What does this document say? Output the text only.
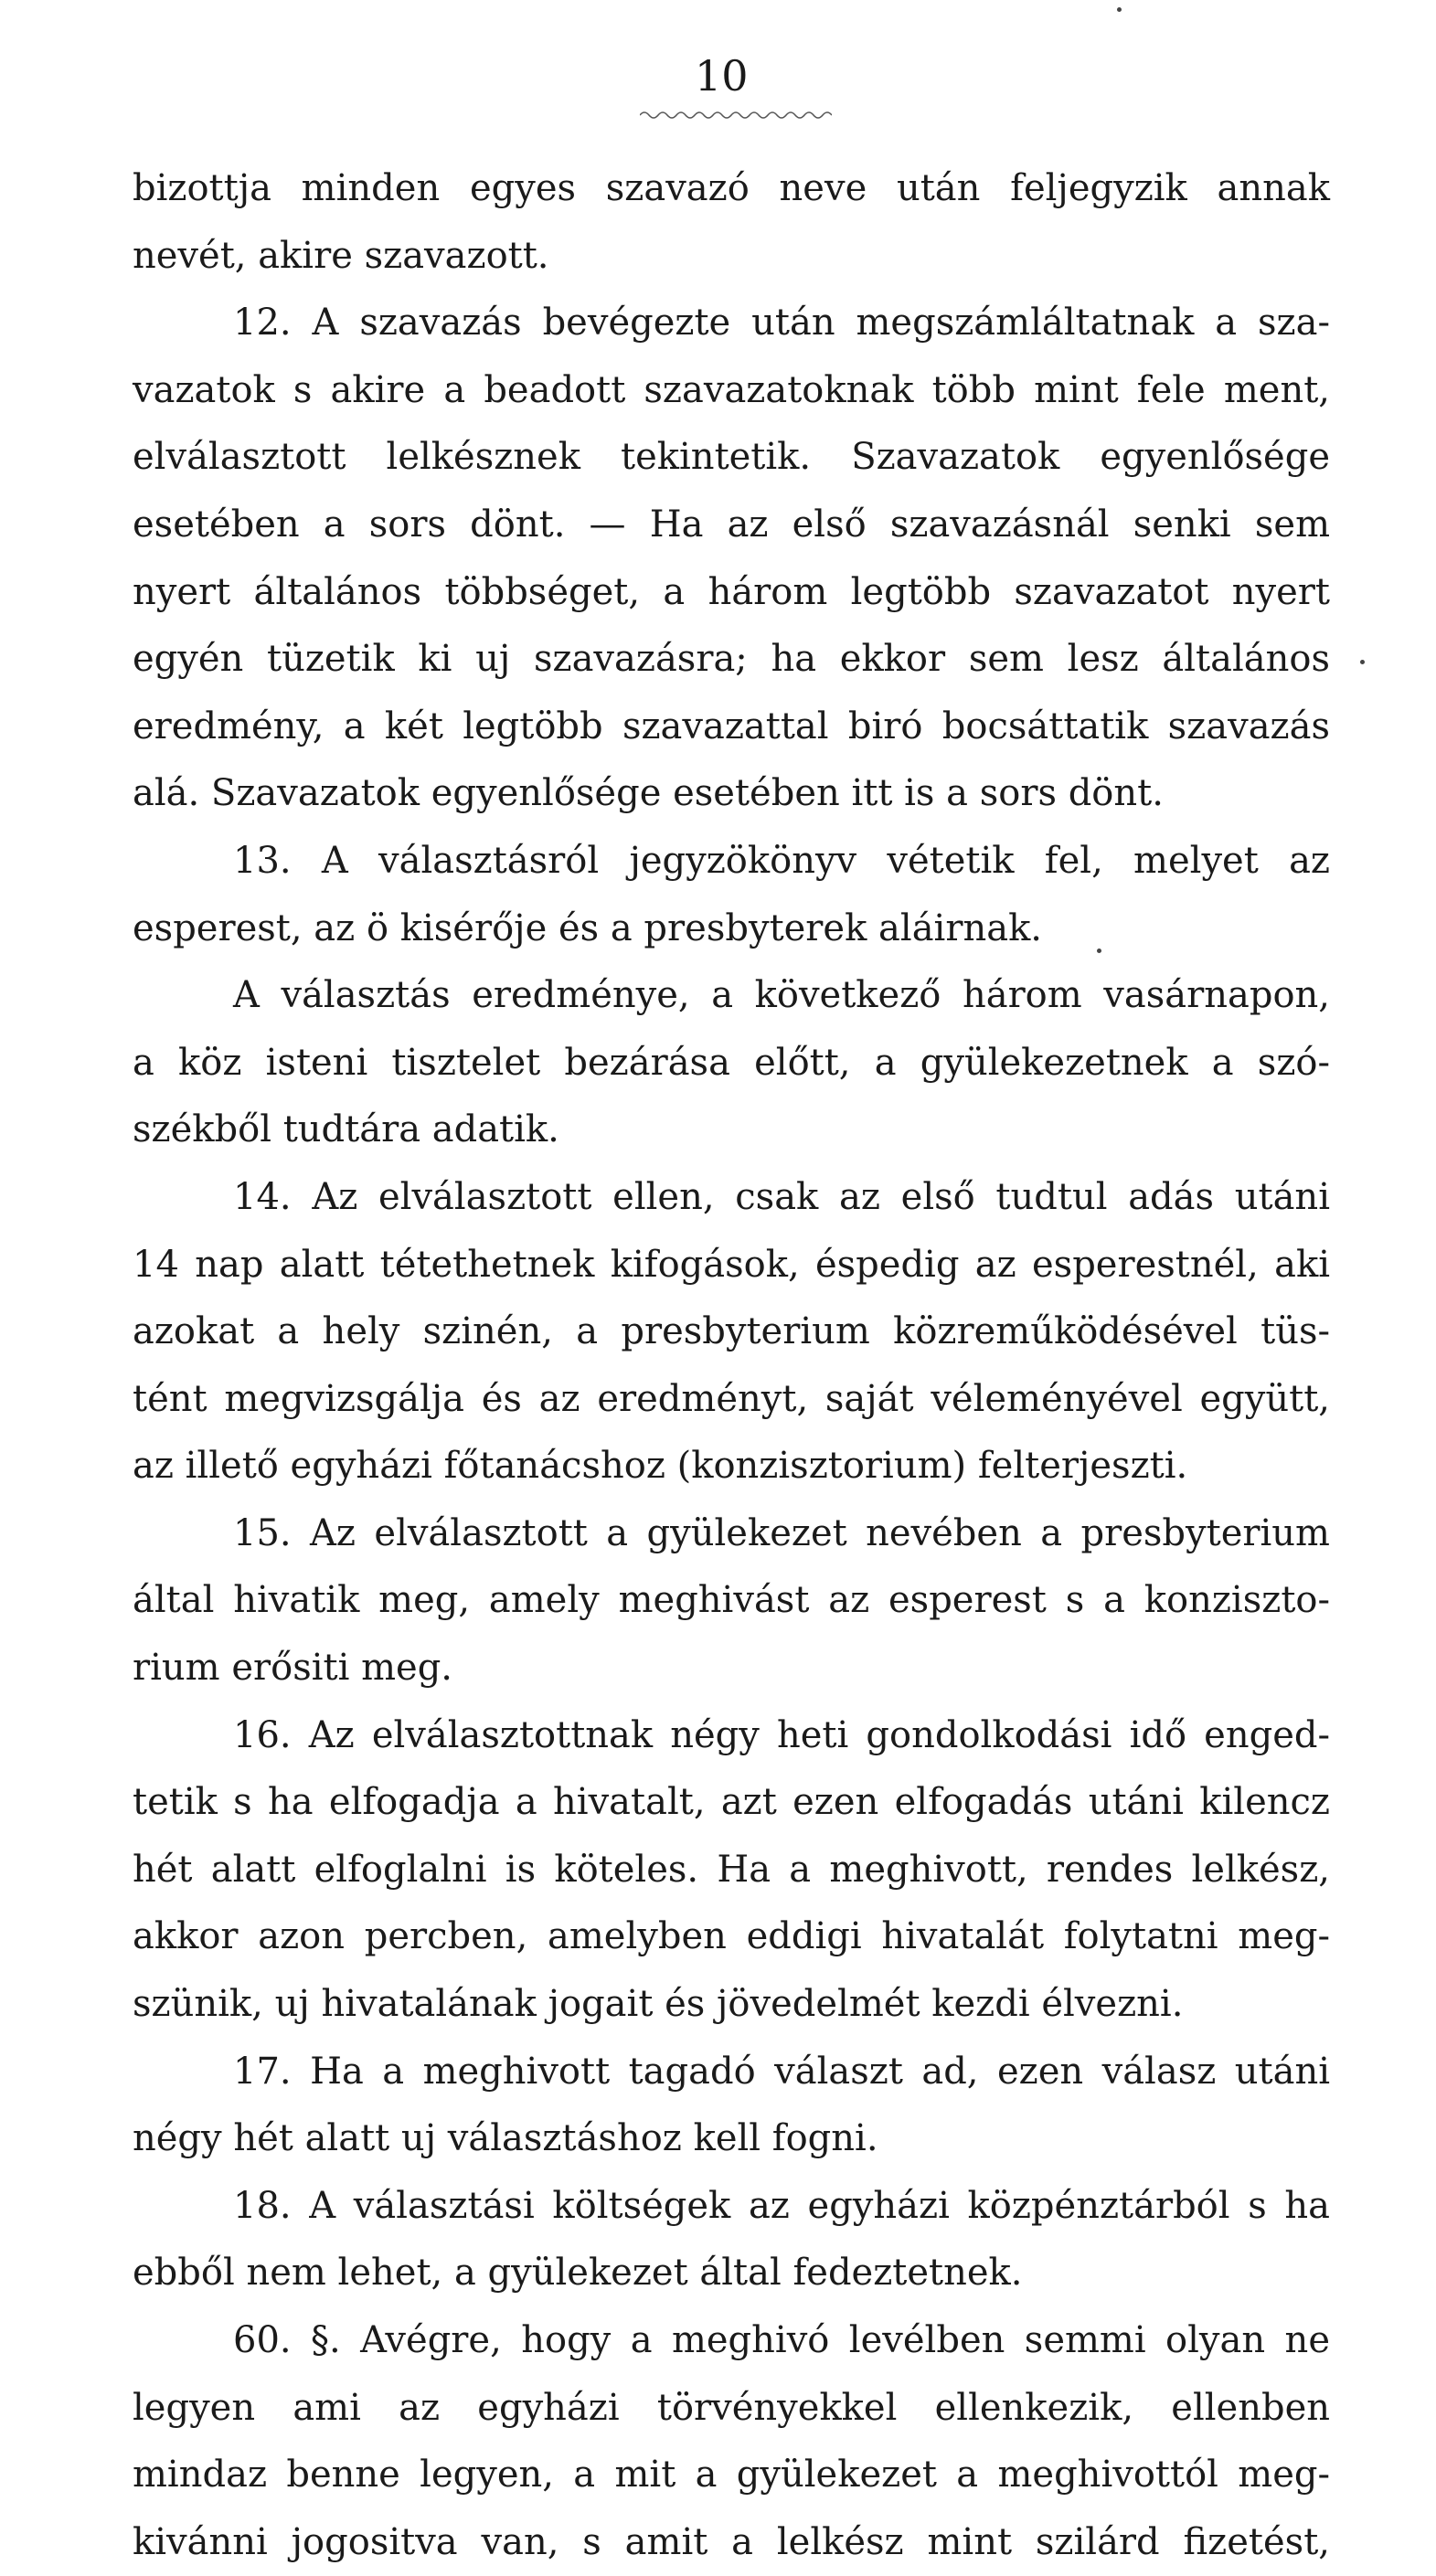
10
bizottja minden egyes szavazó neve után feljegyzik annak
nevét, akire szavazott.
12. A szavazás bevégezte után megszámláltatnak a sza-
vazatok s akire a beadott szavazatoknak több mint fele ment,
elválasztott lelkésznek tekintetik. Szavazatok egyenlősége
esetében a sors dönt. — Ha az első szavazásnál senki sem
nyert általános többséget, a három legtöbb szavazatot nyert
egyén tüzetik ki uj szavazásra; ha ekkor sem lesz általános
eredmény, a két legtöbb szavazattal biró bocsáttatik szavazás
alá. Szavazatok egyenlősége esetében itt is a sors dönt.
13. A választásról jegyzökönyv vétetik fel, melyet az
esperest, az ö kisérője és a presbyterek aláirnak.
A választás eredménye, a következő három vasárnapon,
a köz isteni tisztelet bezárása előtt, a gyülekezetnek a szó-
székből tudtára adatik.
14. Az elválasztott ellen, csak az első tudtul adás utáni
14 nap alatt tétethetnek kifogások, éspedig az esperestnél, aki
azokat a hely szinén, a presbyterium közreműködésével tüs-
tént megvizsgálja és az eredményt, saját véleményével együtt,
az illető egyházi főtanácshoz (konzisztorium) felterjeszti.
15. Az elválasztott a gyülekezet nevében a presbyterium
által hivatik meg, amely meghivást az esperest s a konziszto-
rium erősiti meg.
16. Az elválasztottnak négy heti gondolkodási idő enged-
tetik s ha elfogadja a hivatalt, azt ezen elfogadás utáni kilencz
hét alatt elfoglalni is köteles. Ha a meghivott, rendes lelkész,
akkor azon percben, amelyben eddigi hivatalát folytatni meg-
szünik, uj hivatalának jogait és jövedelmét kezdi élvezni.
17. Ha a meghivott tagadó választ ad, ezen válasz utáni
négy hét alatt uj választáshoz kell fogni.
18. A választási költségek az egyházi közpénztárból s ha
ebből nem lehet, a gyülekezet által fedeztetnek.
60. §. Avégre, hogy a meghivó levélben semmi olyan ne
legyen ami az egyházi törvényekkel ellenkezik, ellenben
mindaz benne legyen, a mit a gyülekezet a meghivottól meg-
kivánni jogositva van, s amit a lelkész mint szilárd fizetést,
